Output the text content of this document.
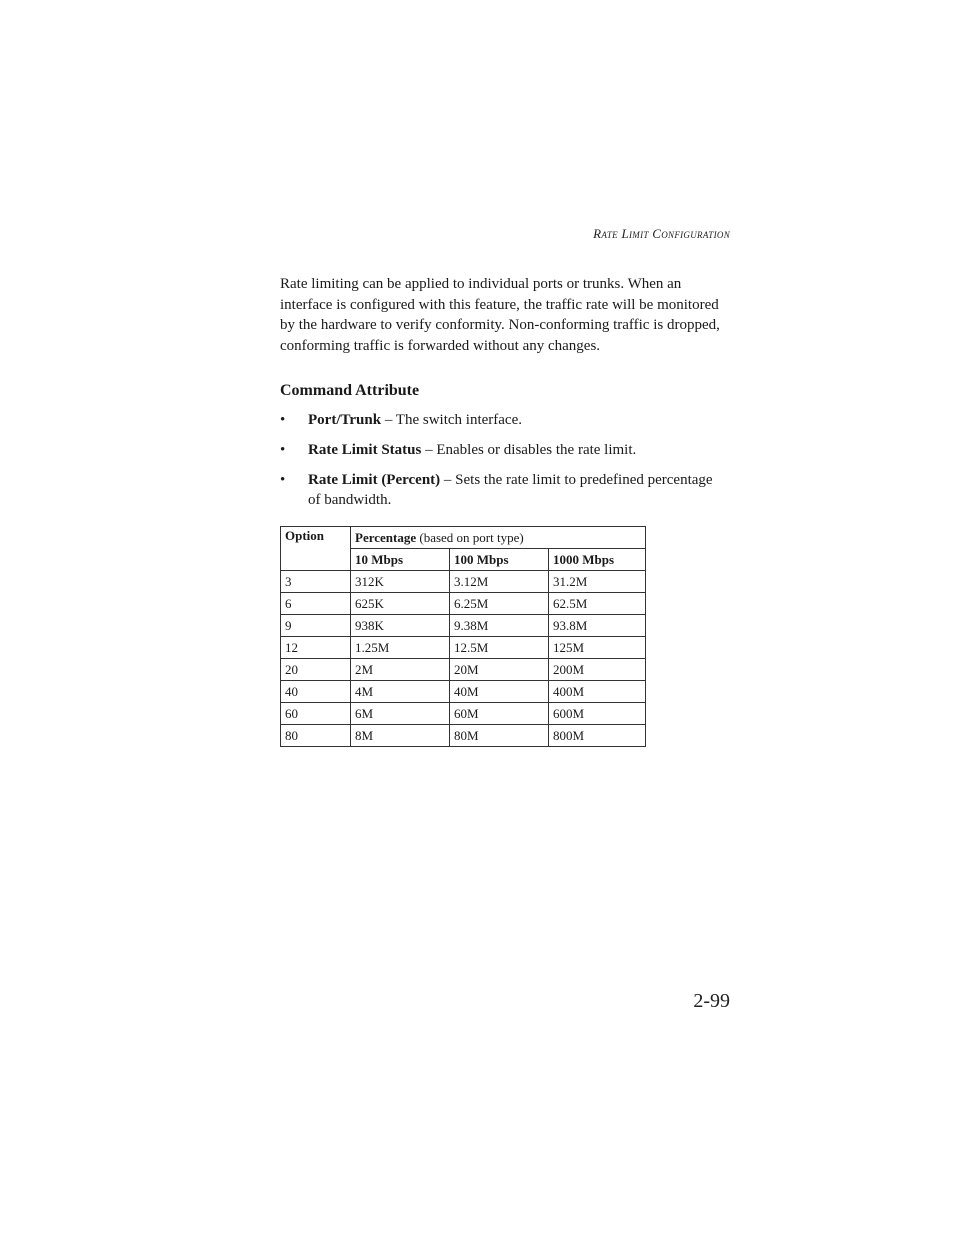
Rate Limit Configuration

Rate limiting can be applied to individual ports or trunks. When an interface is configured with this feature, the traffic rate will be monitored by the hardware to verify conformity. Non-conforming traffic is dropped, conforming traffic is forwarded without any changes.

Command Attribute
• Port/Trunk – The switch interface.
• Rate Limit Status – Enables or disables the rate limit.
• Rate Limit (Percent) – Sets the rate limit to predefined percentage of bandwidth.
Option	Percentage (based on port type)		
	10 Mbps	100 Mbps	1000 Mbps
3	312K	3.12M	31.2M
6	625K	6.25M	62.5M
9	938K	9.38M	93.8M
12	1.25M	12.5M	125M
20	2M	20M	200M
40	4M	40M	400M
60	6M	60M	600M
80	8M	80M	800M
2-99
